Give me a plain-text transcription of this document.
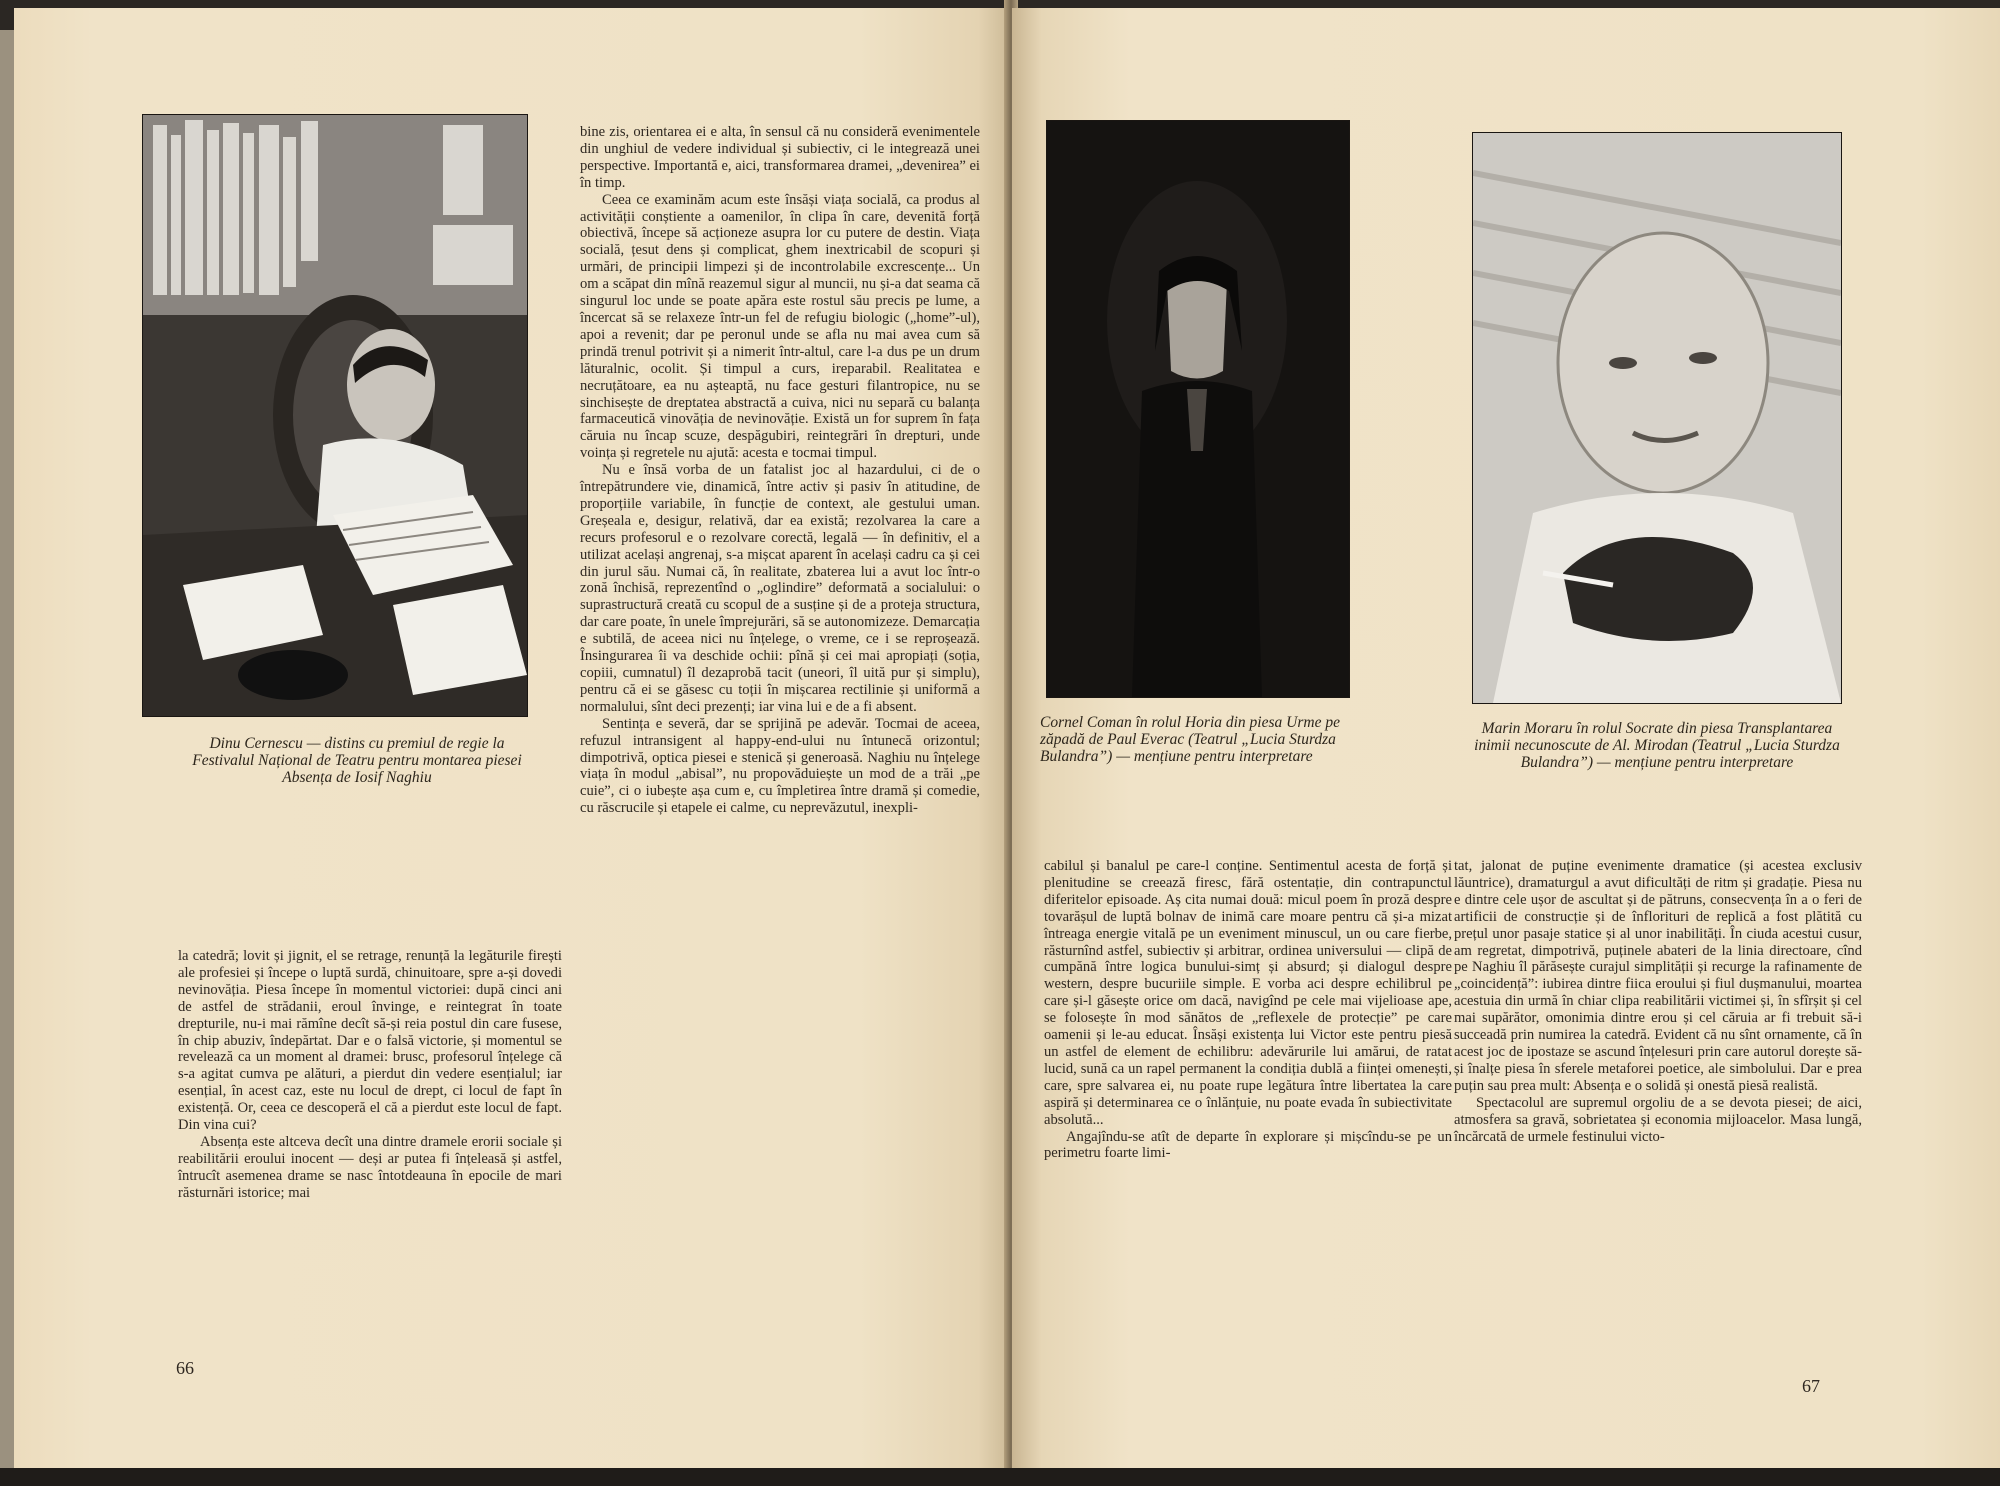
Dinu Cernescu — distins cu premiul de regie la Festivalul Național de Teatru pentru montarea piesei Absența de Iosif Naghiu

la catedră; lovit și jignit, el se retrage, renunță la legăturile firești ale profesiei și începe o luptă surdă, chinuitoare, spre a-și dovedi nevinovăția. Piesa începe în momentul victoriei: după cinci ani de astfel de strădanii, eroul învinge, e reintegrat în toate drepturile, nu-i mai rămîne decît să-și reia postul din care fusese, în chip abuziv, îndepărtat. Dar e o falsă victorie, și momentul se revelează ca un moment al dramei: brusc, profesorul înțelege că s-a agitat cumva pe alături, a pierdut din vedere esențialul; iar esențial, în acest caz, este nu locul de drept, ci locul de fapt în existență. Or, ceea ce descoperă el că a pierdut este locul de fapt. Din vina cui?

Absența este altceva decît una dintre dramele erorii sociale și reabilitării eroului inocent — deși ar putea fi înțeleasă și astfel, întrucît asemenea drame se nasc întotdeauna în epocile de mari răsturnări istorice; mai

bine zis, orientarea ei e alta, în sensul că nu consideră evenimentele din unghiul de vedere individual și subiectiv, ci le integrează unei perspective. Importantă e, aici, transformarea dramei, „devenirea” ei în timp.

Ceea ce examinăm acum este însăși viața socială, ca produs al activității conștiente a oamenilor, în clipa în care, devenită forță obiectivă, începe să acționeze asupra lor cu putere de destin. Viața socială, țesut dens și complicat, ghem inextricabil de scopuri și urmări, de principii limpezi și de incontrolabile excrescențe... Un om a scăpat din mînă reazemul sigur al muncii, nu și-a dat seama că singurul loc unde se poate apăra este rostul său precis pe lume, a încercat să se relaxeze într-un fel de refugiu biologic („home”-ul), apoi a revenit; dar pe peronul unde se afla nu mai avea cum să prindă trenul potrivit și a nimerit într-altul, care l-a dus pe un drum lăturalnic, ocolit. Și timpul a curs, ireparabil. Realitatea e necruțătoare, ea nu așteaptă, nu face gesturi filantropice, nu se sinchisește de dreptatea abstractă a cuiva, nici nu separă cu balanța farmaceutică vinovăția de nevinovăție. Există un for suprem în fața căruia nu încap scuze, despăgubiri, reintegrări în drepturi, unde voința și regretele nu ajută: acesta e tocmai timpul.

Nu e însă vorba de un fatalist joc al hazardului, ci de o întrepătrundere vie, dinamică, între activ și pasiv în atitudine, de proporțiile variabile, în funcție de context, ale gestului uman. Greșeala e, desigur, relativă, dar ea există; rezolvarea la care a recurs profesorul e o rezolvare corectă, legală — în definitiv, el a utilizat același angrenaj, s-a mișcat aparent în același cadru ca și cei din jurul său. Numai că, în realitate, zbaterea lui a avut loc într-o zonă închisă, reprezentînd o „oglindire” deformată a socialului: o suprastructură creată cu scopul de a susține și de a proteja structura, dar care poate, în unele împrejurări, să se autonomizeze. Demarcația e subtilă, de aceea nici nu înțelege, o vreme, ce i se reproșează. Însingurarea îi va deschide ochii: pînă și cei mai apropiați (soția, copiii, cumnatul) îl dezaprobă tacit (uneori, îl uită pur și simplu), pentru că ei se găsesc cu toții în mișcarea rectilinie și uniformă a normalului, sînt deci prezenți; iar vina lui e de a fi absent.

Sentința e severă, dar se sprijină pe adevăr. Tocmai de aceea, refuzul intransigent al happy-end-ului nu întunecă orizontul; dimpotrivă, optica piesei e stenică și generoasă. Naghiu nu înțelege viața în modul „abisal”, nu propovăduiește un mod de a trăi „pe cuie”, ci o iubește așa cum e, cu împletirea între dramă și comedie, cu răscrucile și etapele ei calme, cu neprevăzutul, inexpli-

66
Cornel Coman în rolul Horia din piesa Urme pe zăpadă de Paul Everac (Teatrul „Lucia Sturdza Bulandra”) — mențiune pentru interpretare
Marin Moraru în rolul Socrate din piesa Transplantarea inimii necunoscute de Al. Mirodan (Teatrul „Lucia Sturdza Bulandra”) — mențiune pentru interpretare

cabilul și banalul pe care-l conține. Sentimentul acesta de forță și plenitudine se creează firesc, fără ostentație, din contrapunctul diferitelor episoade. Aș cita numai două: micul poem în proză despre tovarășul de luptă bolnav de inimă care moare pentru că și-a mizat întreaga energie vitală pe un eveniment minuscul, un ou care fierbe, răsturnînd astfel, subiectiv și arbitrar, ordinea universului — clipă de cumpănă între logica bunului-simț și absurd; și dialogul despre western, despre bucuriile simple. E vorba aci despre echilibrul pe care și-l găsește orice om dacă, navigînd pe cele mai vijelioase ape, se folosește în mod sănătos de „reflexele de protecție” pe care oamenii și le-au educat. Însăși existența lui Victor este pentru piesă un astfel de element de echilibru: adevărurile lui amărui, de ratat lucid, sună ca un rapel permanent la condiția dublă a ființei omenești, care, spre salvarea ei, nu poate rupe legătura între libertatea la care aspiră și determinarea ce o înlănțuie, nu poate evada în subiectivitate absolută...

Angajîndu-se atît de departe în explorare și mișcîndu-se pe un perimetru foarte limi-

tat, jalonat de puține evenimente dramatice (și acestea exclusiv lăuntrice), dramaturgul a avut dificultăți de ritm și gradație. Piesa nu e dintre cele ușor de ascultat și de pătruns, consecvența în a o feri de artificii de construcție și de înflorituri de replică a fost plătită cu prețul unor pasaje statice și al unor inabilități. În ciuda acestui cusur, am regretat, dimpotrivă, puținele abateri de la linia directoare, cînd pe Naghiu îl părăsește curajul simplității și recurge la rafinamente de „coincidență”: iubirea dintre fiica eroului și fiul dușmanului, moartea acestuia din urmă în chiar clipa reabilitării victimei și, în sfîrșit și cel mai supărător, omonimia dintre erou și cel căruia ar fi trebuit să-i succeadă prin numirea la catedră. Evident că nu sînt ornamente, că în acest joc de ipostaze se ascund înțelesuri prin care autorul dorește să-și înalțe piesa în sferele metaforei poetice, ale simbolului. Dar e prea puțin sau prea mult: Absența e o solidă și onestă piesă realistă.

Spectacolul are supremul orgoliu de a se devota piesei; de aici, atmosfera sa gravă, sobrietatea și economia mijloacelor. Masa lungă, încărcată de urmele festinului victo-

67
